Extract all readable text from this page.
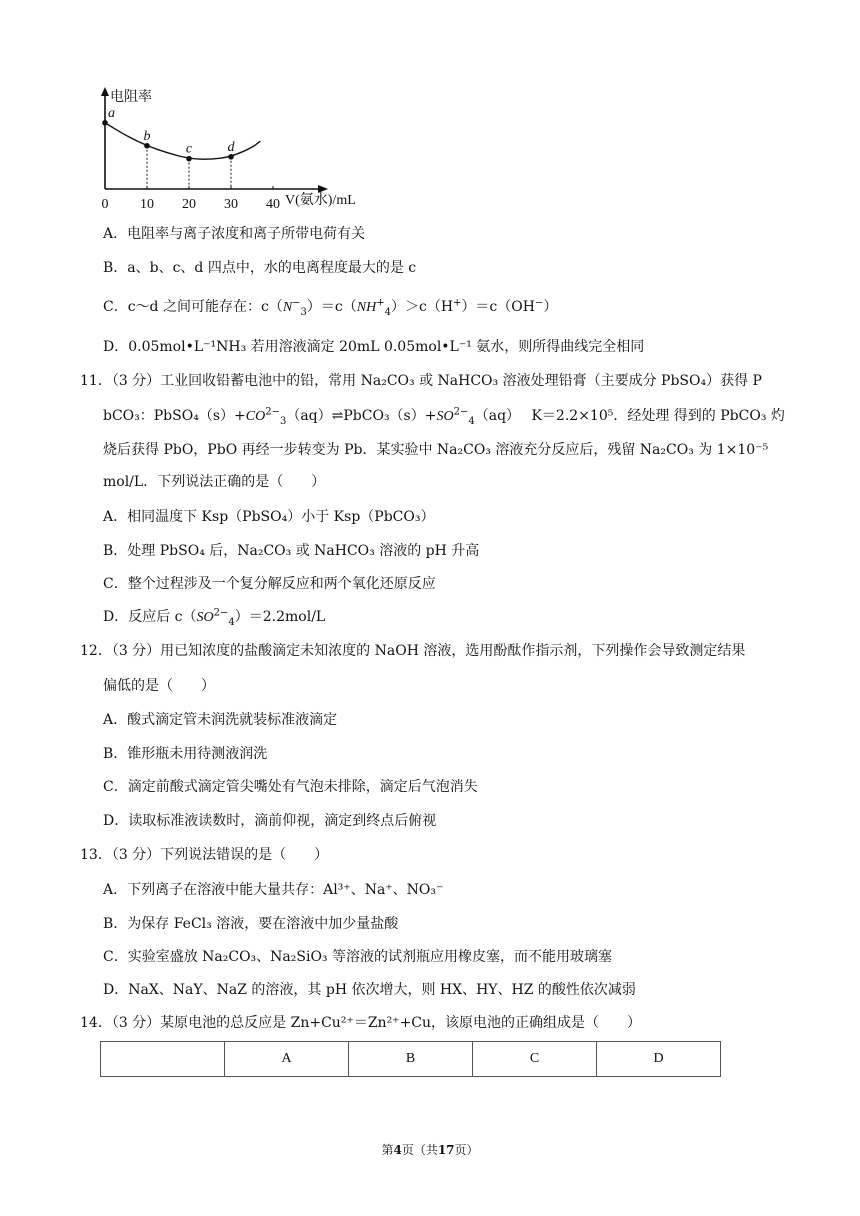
0 10 20 30 40
a
b
c	d
电阻率
V(氨水)/mL
A．电阻率与离子浓度和离子所带电荷有关
B．a、b、c、d 四点中，水的电离程度最大的是 c
C．c～d 之间可能存在：$c(N^-_3)=c(NH^+_4)>c(H^+)=c(OH^-)$
D．0.05mol•L⁻¹NH₃ 若用溶液滴定 20mL 0.05mol•L⁻¹ 氨水，则所得曲线完全相同
11．（3 分）工业回收铅蓄电池中的铅，常用 Na₂CO₃ 或 NaHCO₃ 溶液处理铅膏（主要成分 PbSO₄）获得 P
bCO₃：$PbSO_4(s)+CO^{2-}_3(aq)\rightleftharpoons PbCO_3(s)+SO^{2-}_4(aq)$　 K＝2.2×10⁵．经处理 得到的 PbCO₃ 灼
烧后获得 PbO，PbO 再经一步转变为 Pb．某实验中 Na₂CO₃ 溶液充分反应后，残留 Na₂CO₃ 为 1×10⁻⁵
mol/L．下列说法正确的是（　　）
A．相同温度下 Ksp（PbSO₄）小于 Ksp（PbCO₃）
B．处理 PbSO₄ 后，Na₂CO₃ 或 NaHCO₃ 溶液的 pH 升高
C．整个过程涉及一个复分解反应和两个氧化还原反应
D．反应后 $c(SO^{2-}_4)=2.2mol/L$
12．（3 分）用已知浓度的盐酸滴定未知浓度的 NaOH 溶液，选用酚酞作指示剂，下列操作会导致测定结果
偏低的是（　　）
A．酸式滴定管未润洗就装标准液滴定
B．锥形瓶未用待测液润洗
C．滴定前酸式滴定管尖嘴处有气泡未排除，滴定后气泡消失
D．读取标准液读数时，滴前仰视，滴定到终点后俯视
13．（3 分）下列说法错误的是（　　）
A．下列离子在溶液中能大量共存：Al³⁺、Na⁺、NO₃⁻
B．为保存 FeCl₃ 溶液，要在溶液中加少量盐酸
C．实验室盛放 Na₂CO₃、Na₂SiO₃ 等溶液的试剂瓶应用橡皮塞，而不能用玻璃塞
D．NaX、NaY、NaZ 的溶液，其 pH 依次增大，则 HX、HY、HZ 的酸性依次减弱
14．（3 分）某原电池的总反应是 Zn+Cu²⁺＝Zn²⁺+Cu，该原电池的正确组成是（　　）
	A	B	C	D
第4页（共17页）
